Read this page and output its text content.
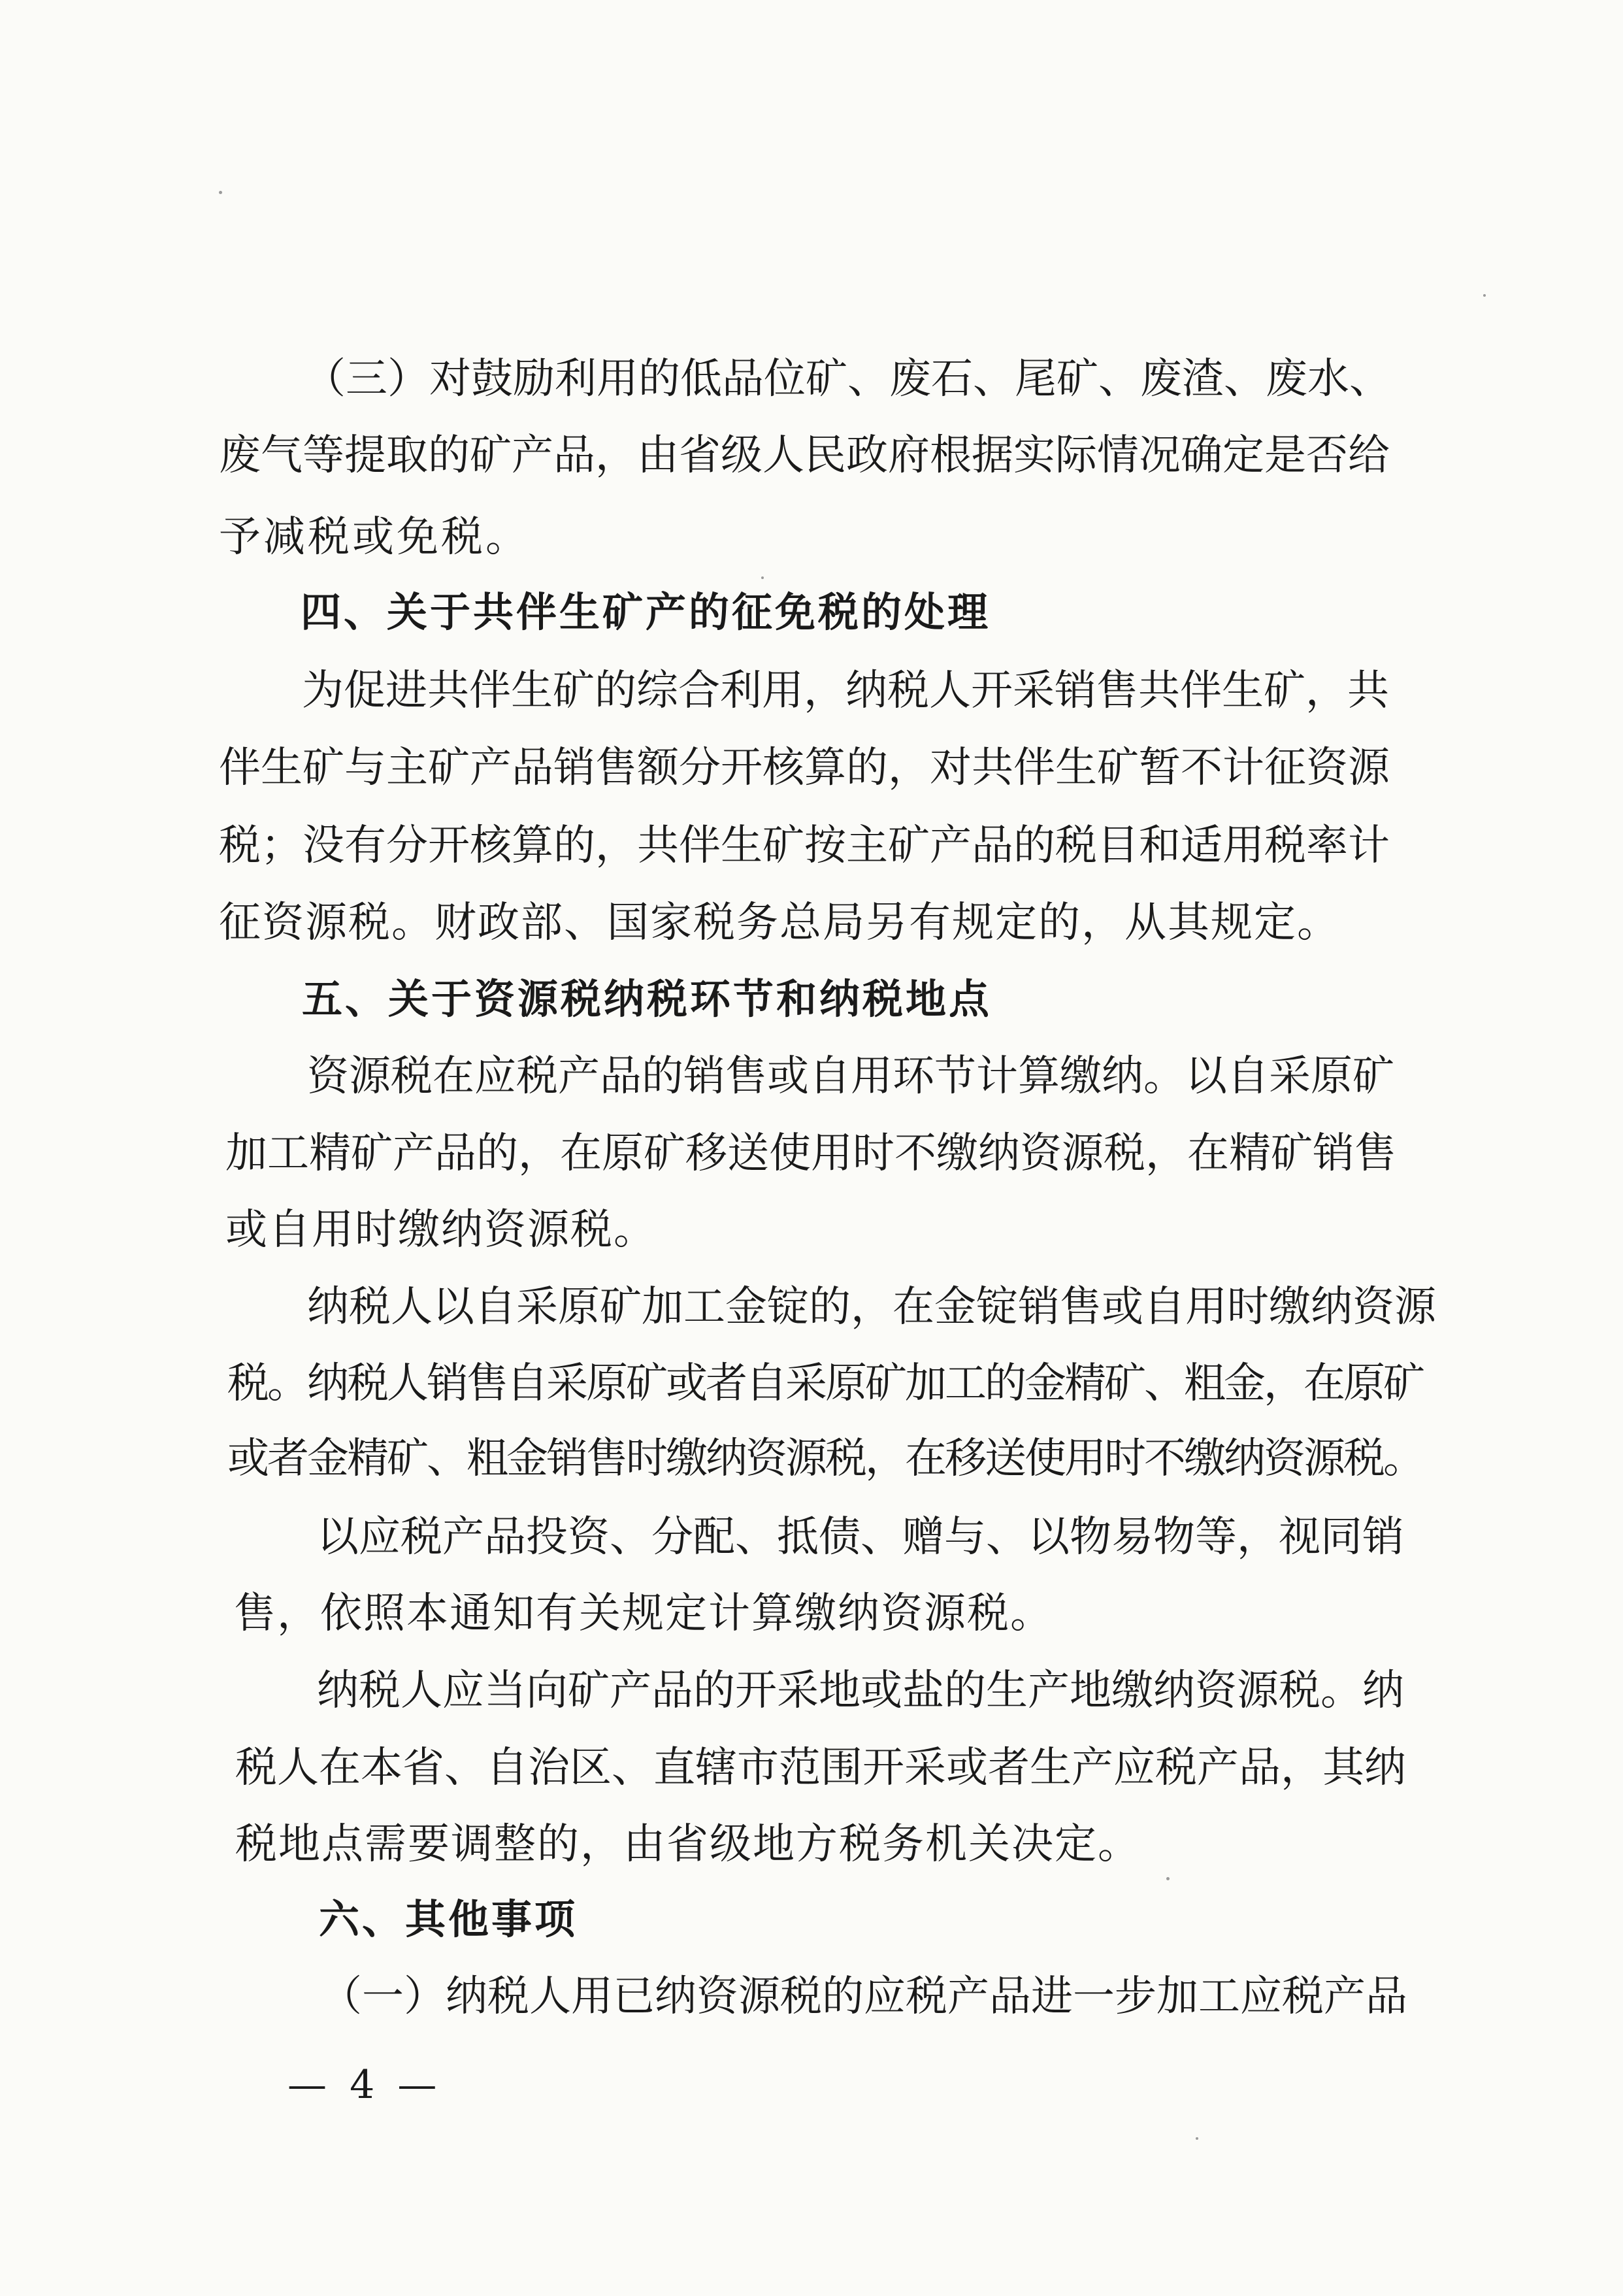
（三）对鼓励利用的低品位矿、废石、尾矿、废渣、废水、
废气等提取的矿产品，由省级人民政府根据实际情况确定是否给
予减税或免税。
四、关于共伴生矿产的征免税的处理
为促进共伴生矿的综合利用，纳税人开采销售共伴生矿，共
伴生矿与主矿产品销售额分开核算的，对共伴生矿暂不计征资源
税；没有分开核算的，共伴生矿按主矿产品的税目和适用税率计
征资源税。财政部、国家税务总局另有规定的，从其规定。
五、关于资源税纳税环节和纳税地点
资源税在应税产品的销售或自用环节计算缴纳。以自采原矿
加工精矿产品的，在原矿移送使用时不缴纳资源税，在精矿销售
或自用时缴纳资源税。
纳税人以自采原矿加工金锭的，在金锭销售或自用时缴纳资源
税。纳税人销售自采原矿或者自采原矿加工的金精矿、粗金，在原矿
或者金精矿、粗金销售时缴纳资源税，在移送使用时不缴纳资源税。
以应税产品投资、分配、抵债、赠与、以物易物等，视同销
售，依照本通知有关规定计算缴纳资源税。
纳税人应当向矿产品的开采地或盐的生产地缴纳资源税。纳
税人在本省、自治区、直辖市范围开采或者生产应税产品，其纳
税地点需要调整的，由省级地方税务机关决定。
六、其他事项
（一）纳税人用已纳资源税的应税产品进一步加工应税产品
— 4 —
